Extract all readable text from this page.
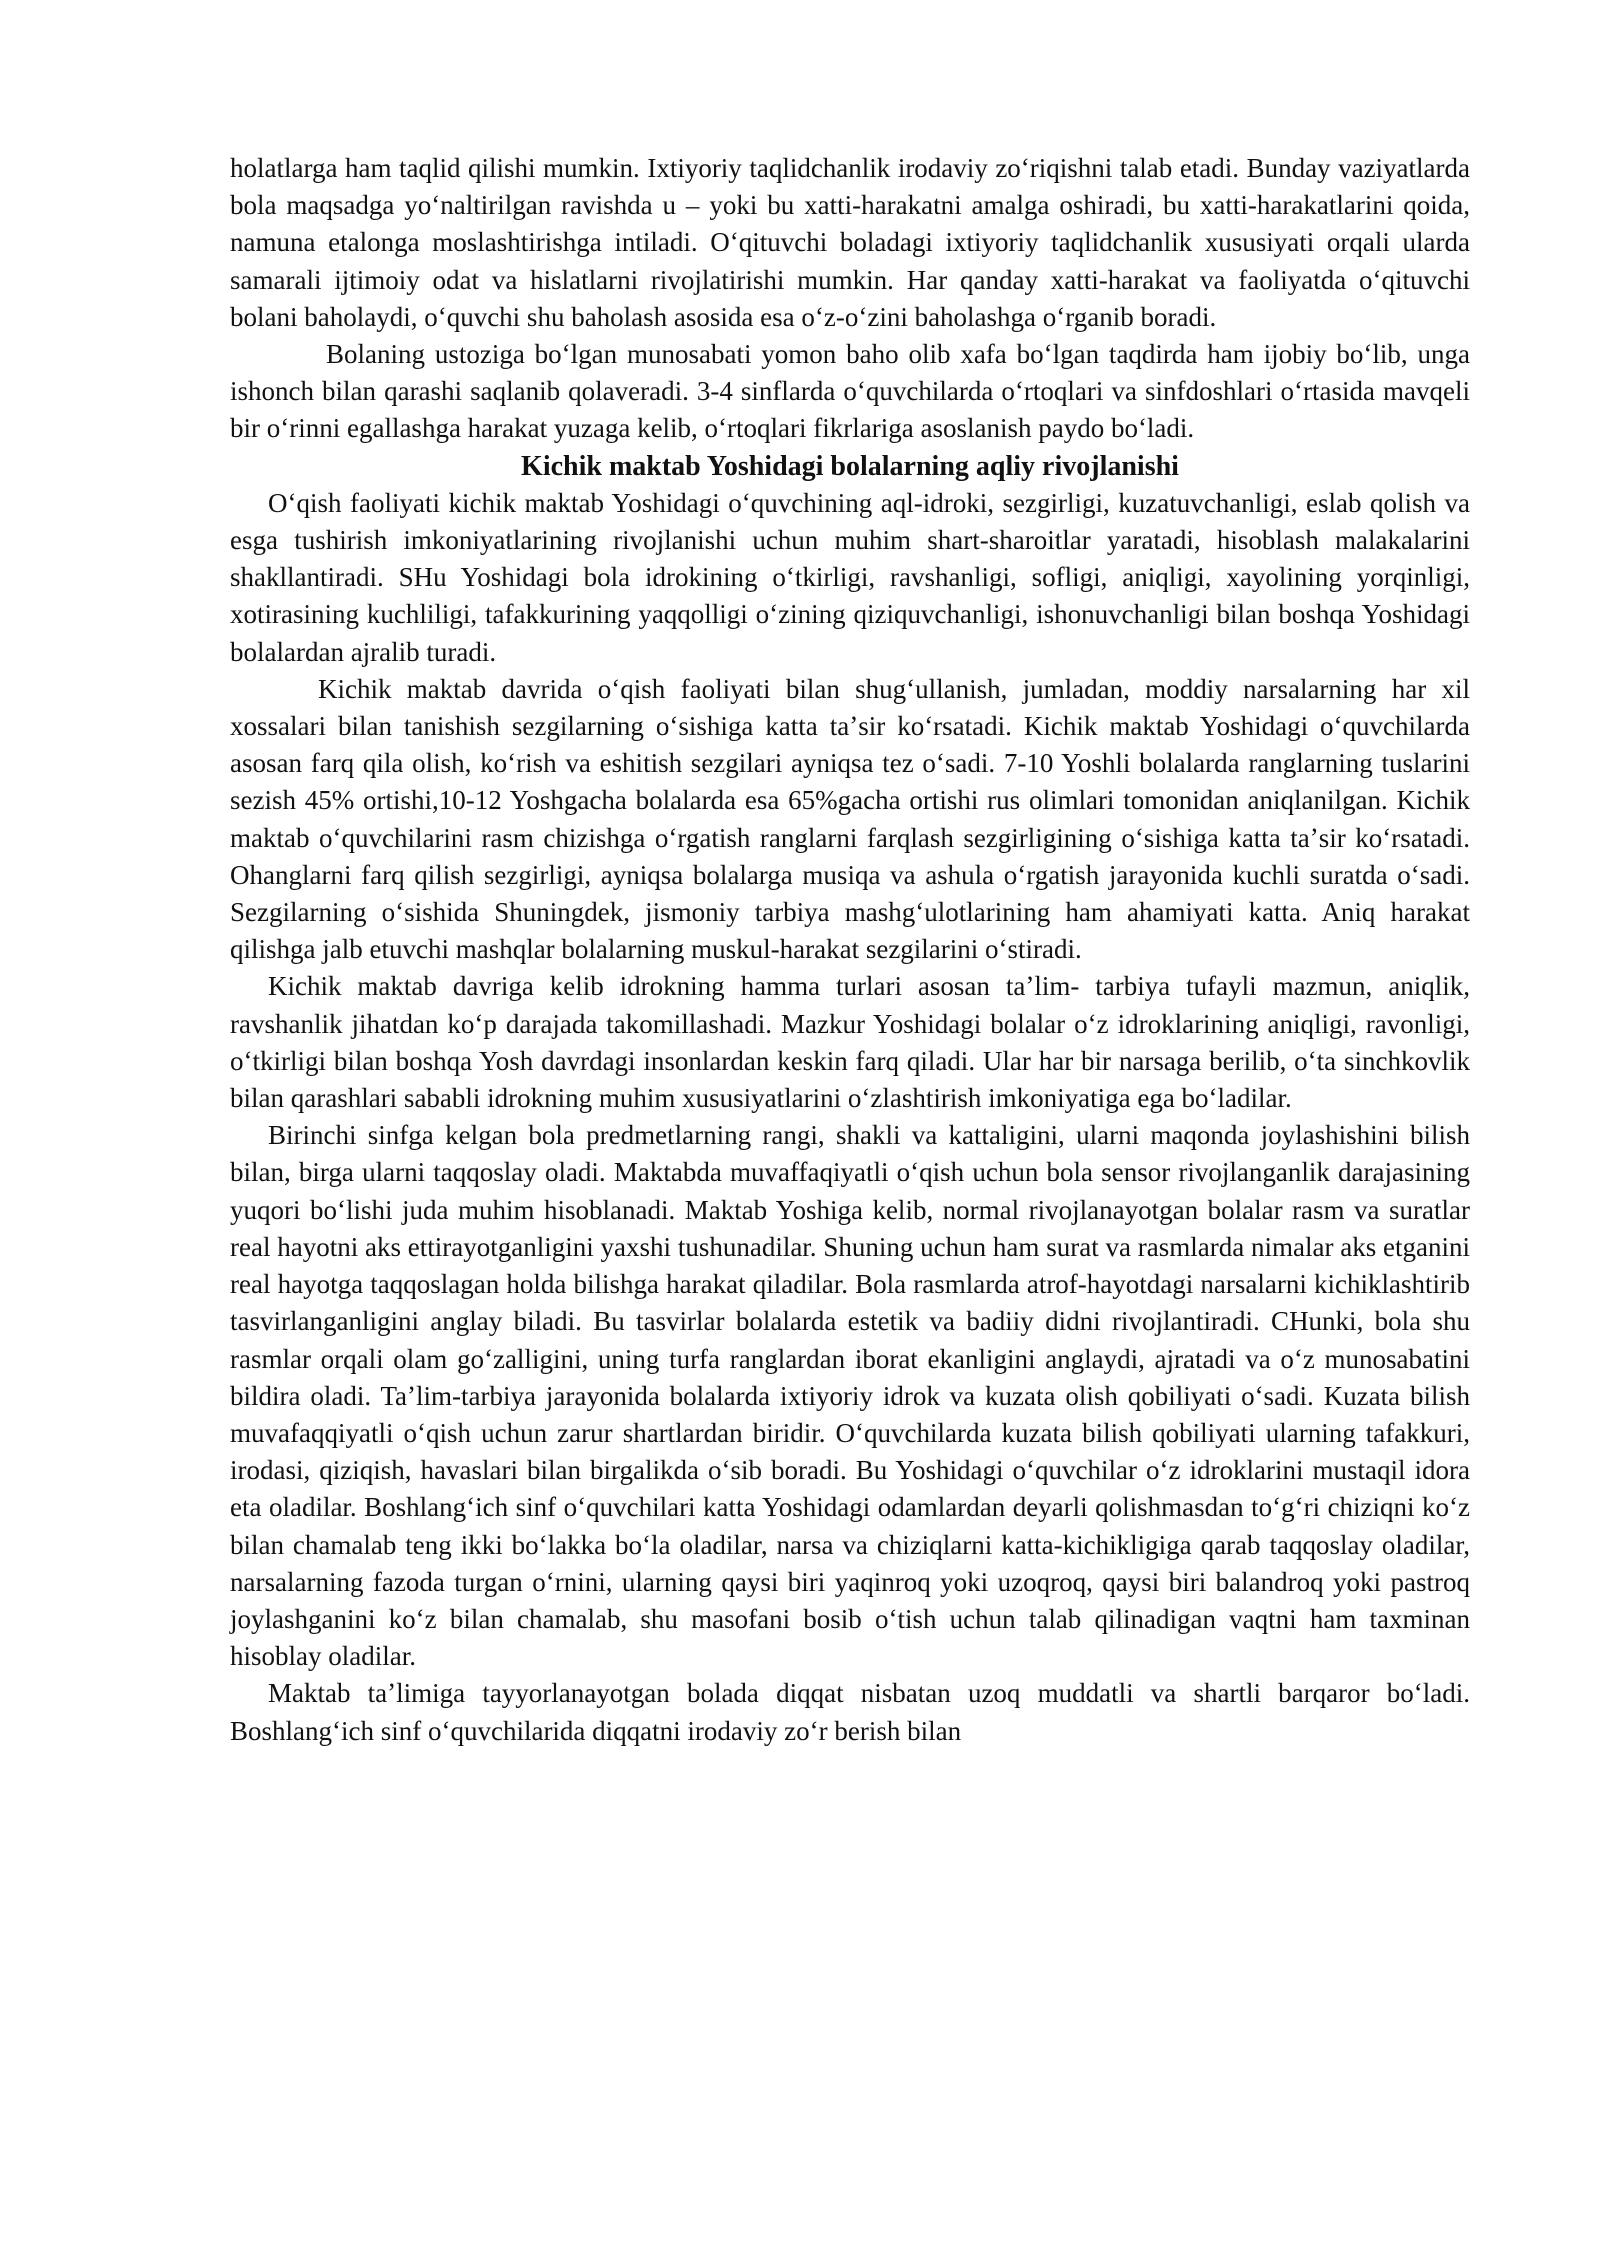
holatlarga ham taqlid qilishi mumkin. Ixtiyoriy taqlidchanlik irodaviy zoʻriqishni talab etadi. Bunday vaziyatlarda bola maqsadga yoʻnaltirilgan ravishda u – yoki bu xatti-harakatni amalga oshiradi, bu xatti-harakatlarini qoida, namuna etalonga moslashtirishga intiladi. Oʻqituvchi boladagi ixtiyoriy taqlidchanlik xususiyati orqali ularda samarali ijtimoiy odat va hislatlarni rivojlatirishi mumkin. Har qanday xatti-harakat va faoliyatda oʻqituvchi bolani baholaydi, oʻquvchi shu baholash asosida esa oʻz-oʻzini baholashga oʻrganib boradi.

Bolaning ustoziga boʻlgan munosabati yomon baho olib xafa boʻlgan taqdirda ham ijobiy boʻlib, unga ishonch bilan qarashi saqlanib qolaveradi. 3-4 sinflarda oʻquvchilarda oʻrtoqlari va sinfdoshlari oʻrtasida mavqeli bir oʻrinni egallashga harakat yuzaga kelib, oʻrtoqlari fikrlariga asoslanish paydo boʻladi.

Kichik maktab Yoshidagi bolalarning aqliy rivojlanishi

Oʻqish faoliyati kichik maktab Yoshidagi oʻquvchining aql-idroki, sezgirligi, kuzatuvchanligi, eslab qolish va esga tushirish imkoniyatlarining rivojlanishi uchun muhim shart-sharoitlar yaratadi, hisoblash malakalarini shakllantiradi. SHu Yoshidagi bola idrokining oʻtkirligi, ravshanligi, sofligi, aniqligi, xayolining yorqinligi, xotirasining kuchliligi, tafakkurining yaqqolligi oʻzining qiziquvchanligi, ishonuvchanligi bilan boshqa Yoshidagi bolalardan ajralib turadi.

Kichik maktab davrida oʻqish faoliyati bilan shugʻullanish, jumladan, moddiy narsalarning har xil xossalari bilan tanishish sezgilarning oʻsishiga katta taʼsir koʻrsatadi. Kichik maktab Yoshidagi oʻquvchilarda asosan farq qila olish, koʻrish va eshitish sezgilari ayniqsa tez oʻsadi. 7-10 Yoshli bolalarda ranglarning tuslarini sezish 45% ortishi,10-12 Yoshgacha bolalarda esa 65%gacha ortishi rus olimlari tomonidan aniqlanilgan. Kichik maktab oʻquvchilarini rasm chizishga oʻrgatish ranglarni farqlash sezgirligining oʻsishiga katta taʼsir koʻrsatadi. Ohanglarni farq qilish sezgirligi, ayniqsa bolalarga musiqa va ashula oʻrgatish jarayonida kuchli suratda oʻsadi. Sezgilarning oʻsishida Shuningdek, jismoniy tarbiya mashgʻulotlarining ham ahamiyati katta. Aniq harakat qilishga jalb etuvchi mashqlar bolalarning muskul-harakat sezgilarini oʻstiradi.

Kichik maktab davriga kelib idrokning hamma turlari asosan taʼlim- tarbiya tufayli mazmun, aniqlik, ravshanlik jihatdan koʻp darajada takomillashadi. Mazkur Yoshidagi bolalar oʻz idroklarining aniqligi, ravonligi, oʻtkirligi bilan boshqa Yosh davrdagi insonlardan keskin farq qiladi. Ular har bir narsaga berilib, oʻta sinchkovlik bilan qarashlari sababli idrokning muhim xususiyatlarini oʻzlashtirish imkoniyatiga ega boʻladilar.

Birinchi sinfga kelgan bola predmetlarning rangi, shakli va kattaligini, ularni maqonda joylashishini bilish bilan, birga ularni taqqoslay oladi. Maktabda muvaffaqiyatli oʻqish uchun bola sensor rivojlanganlik darajasining yuqori boʻlishi juda muhim hisoblanadi. Maktab Yoshiga kelib, normal rivojlanayotgan bolalar rasm va suratlar real hayotni aks ettirayotganligini yaxshi tushunadilar. Shuning uchun ham surat va rasmlarda nimalar aks etganini real hayotga taqqoslagan holda bilishga harakat qiladilar. Bola rasmlarda atrof-hayotdagi narsalarni kichiklashtirib tasvirlanganligini anglay biladi. Bu tasvirlar bolalarda estetik va badiiy didni rivojlantiradi. CHunki, bola shu rasmlar orqali olam goʻzalligini, uning turfa ranglardan iborat ekanligini anglaydi, ajratadi va oʻz munosabatini bildira oladi. Taʼlim-tarbiya jarayonida bolalarda ixtiyoriy idrok va kuzata olish qobiliyati oʻsadi. Kuzata bilish muvafaqqiyatli oʻqish uchun zarur shartlardan biridir. Oʻquvchilarda kuzata bilish qobiliyati ularning tafakkuri, irodasi, qiziqish, havaslari bilan birgalikda oʻsib boradi. Bu Yoshidagi oʻquvchilar oʻz idroklarini mustaqil idora eta oladilar. Boshlangʻich sinf oʻquvchilari katta Yoshidagi odamlardan deyarli qolishmasdan toʻgʻri chiziqni koʻz bilan chamalab teng ikki boʻlakka boʻla oladilar, narsa va chiziqlarni katta-kichikligiga qarab taqqoslay oladilar, narsalarning fazoda turgan oʻrnini, ularning qaysi biri yaqinroq yoki uzoqroq, qaysi biri balandroq yoki pastroq joylashganini koʻz bilan chamalab, shu masofani bosib oʻtish uchun talab qilinadigan vaqtni ham taxminan hisoblay oladilar.

Maktab taʼlimiga tayyorlanayotgan bolada diqqat nisbatan uzoq muddatli va shartli barqaror boʻladi. Boshlangʻich sinf oʻquvchilarida diqqatni irodaviy zoʻr berish bilan
